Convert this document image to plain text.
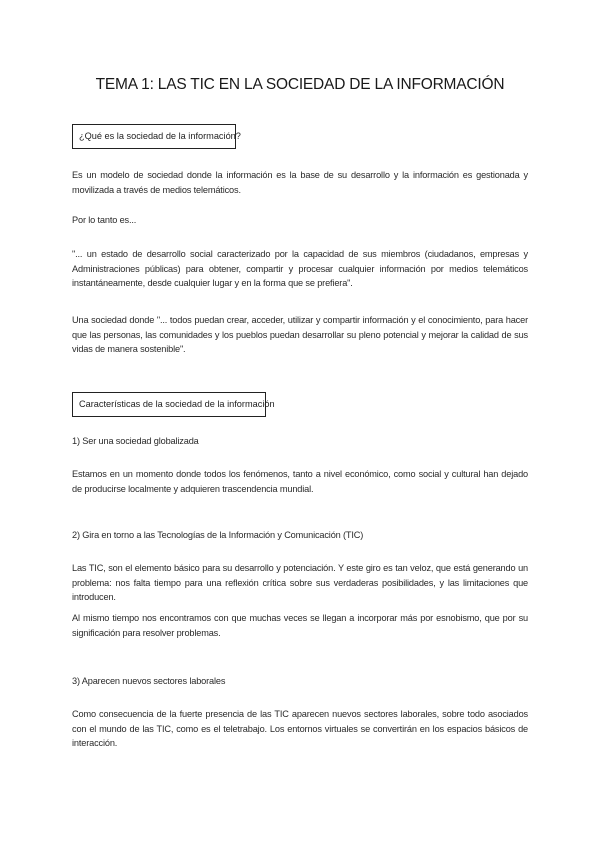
TEMA 1: LAS TIC EN LA SOCIEDAD DE LA INFORMACIÓN
¿Qué es la sociedad de la información?
Es un modelo de sociedad donde la información es la base de su desarrollo y la información es gestionada y movilizada a través de medios telemáticos.
Por lo tanto es...
"... un estado de desarrollo social caracterizado por la capacidad de sus miembros (ciudadanos, empresas y Administraciones públicas) para obtener, compartir y procesar cualquier información por medios telemáticos instantáneamente, desde cualquier lugar y en la forma que se prefiera".
Una sociedad donde "... todos puedan crear, acceder, utilizar y compartir información y el conocimiento, para hacer que las personas, las comunidades y los pueblos puedan desarrollar su pleno potencial y mejorar la calidad de sus vidas de manera sostenible".
Características de la sociedad de la información
1) Ser una sociedad globalizada
Estamos en un momento donde todos los fenómenos, tanto a nivel económico, como social y cultural han dejado de producirse localmente y adquieren trascendencia mundial.
2) Gira en torno a las Tecnologías de la Información y Comunicación (TIC)
Las TIC, son el elemento básico para su desarrollo y potenciación. Y este giro es tan veloz, que está generando un problema: nos falta tiempo para una reflexión crítica sobre sus verdaderas posibilidades, y las limitaciones que introducen.
Al mismo tiempo nos encontramos con que muchas veces se llegan a incorporar más por esnobismo, que por su significación para resolver problemas.
3) Aparecen nuevos sectores laborales
Como consecuencia de la fuerte presencia de las TIC aparecen nuevos sectores laborales, sobre todo asociados con el mundo de las TIC, como es el teletrabajo. Los entornos virtuales se convertirán en los espacios básicos de interacción.
